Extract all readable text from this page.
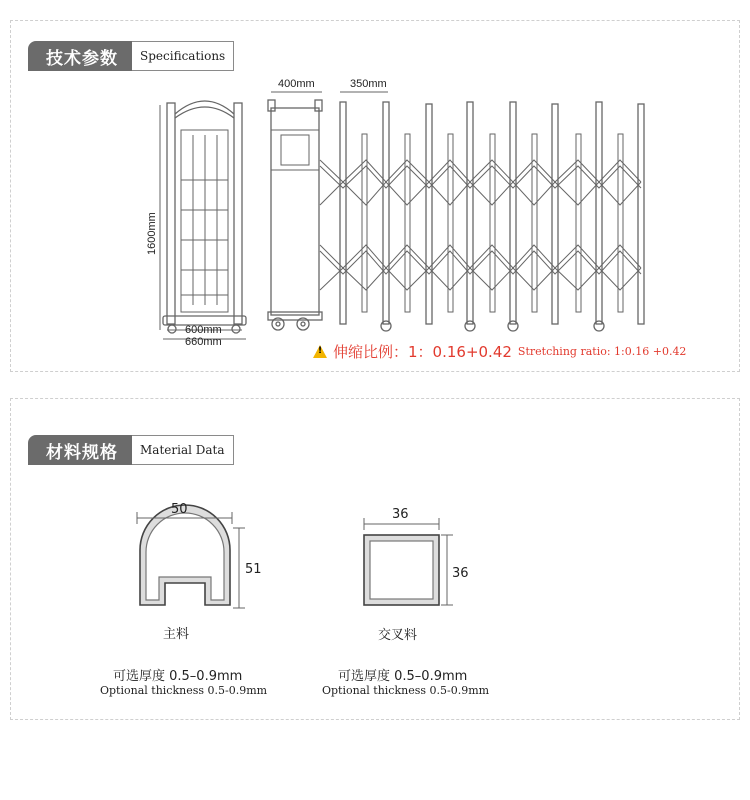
技术参数	Specifications
400mm	350mm
1600mm
600mm
660mm
!
伸缩比例：1：0.16+0.42 Stretching ratio: 1:0.16 +0.42
材料规格	Material Data
50
51
主料
可选厚度 0.5–0.9mm
Optional thickness 0.5-0.9mm
36
36
交叉料
可选厚度 0.5–0.9mm
Optional thickness 0.5-0.9mm
